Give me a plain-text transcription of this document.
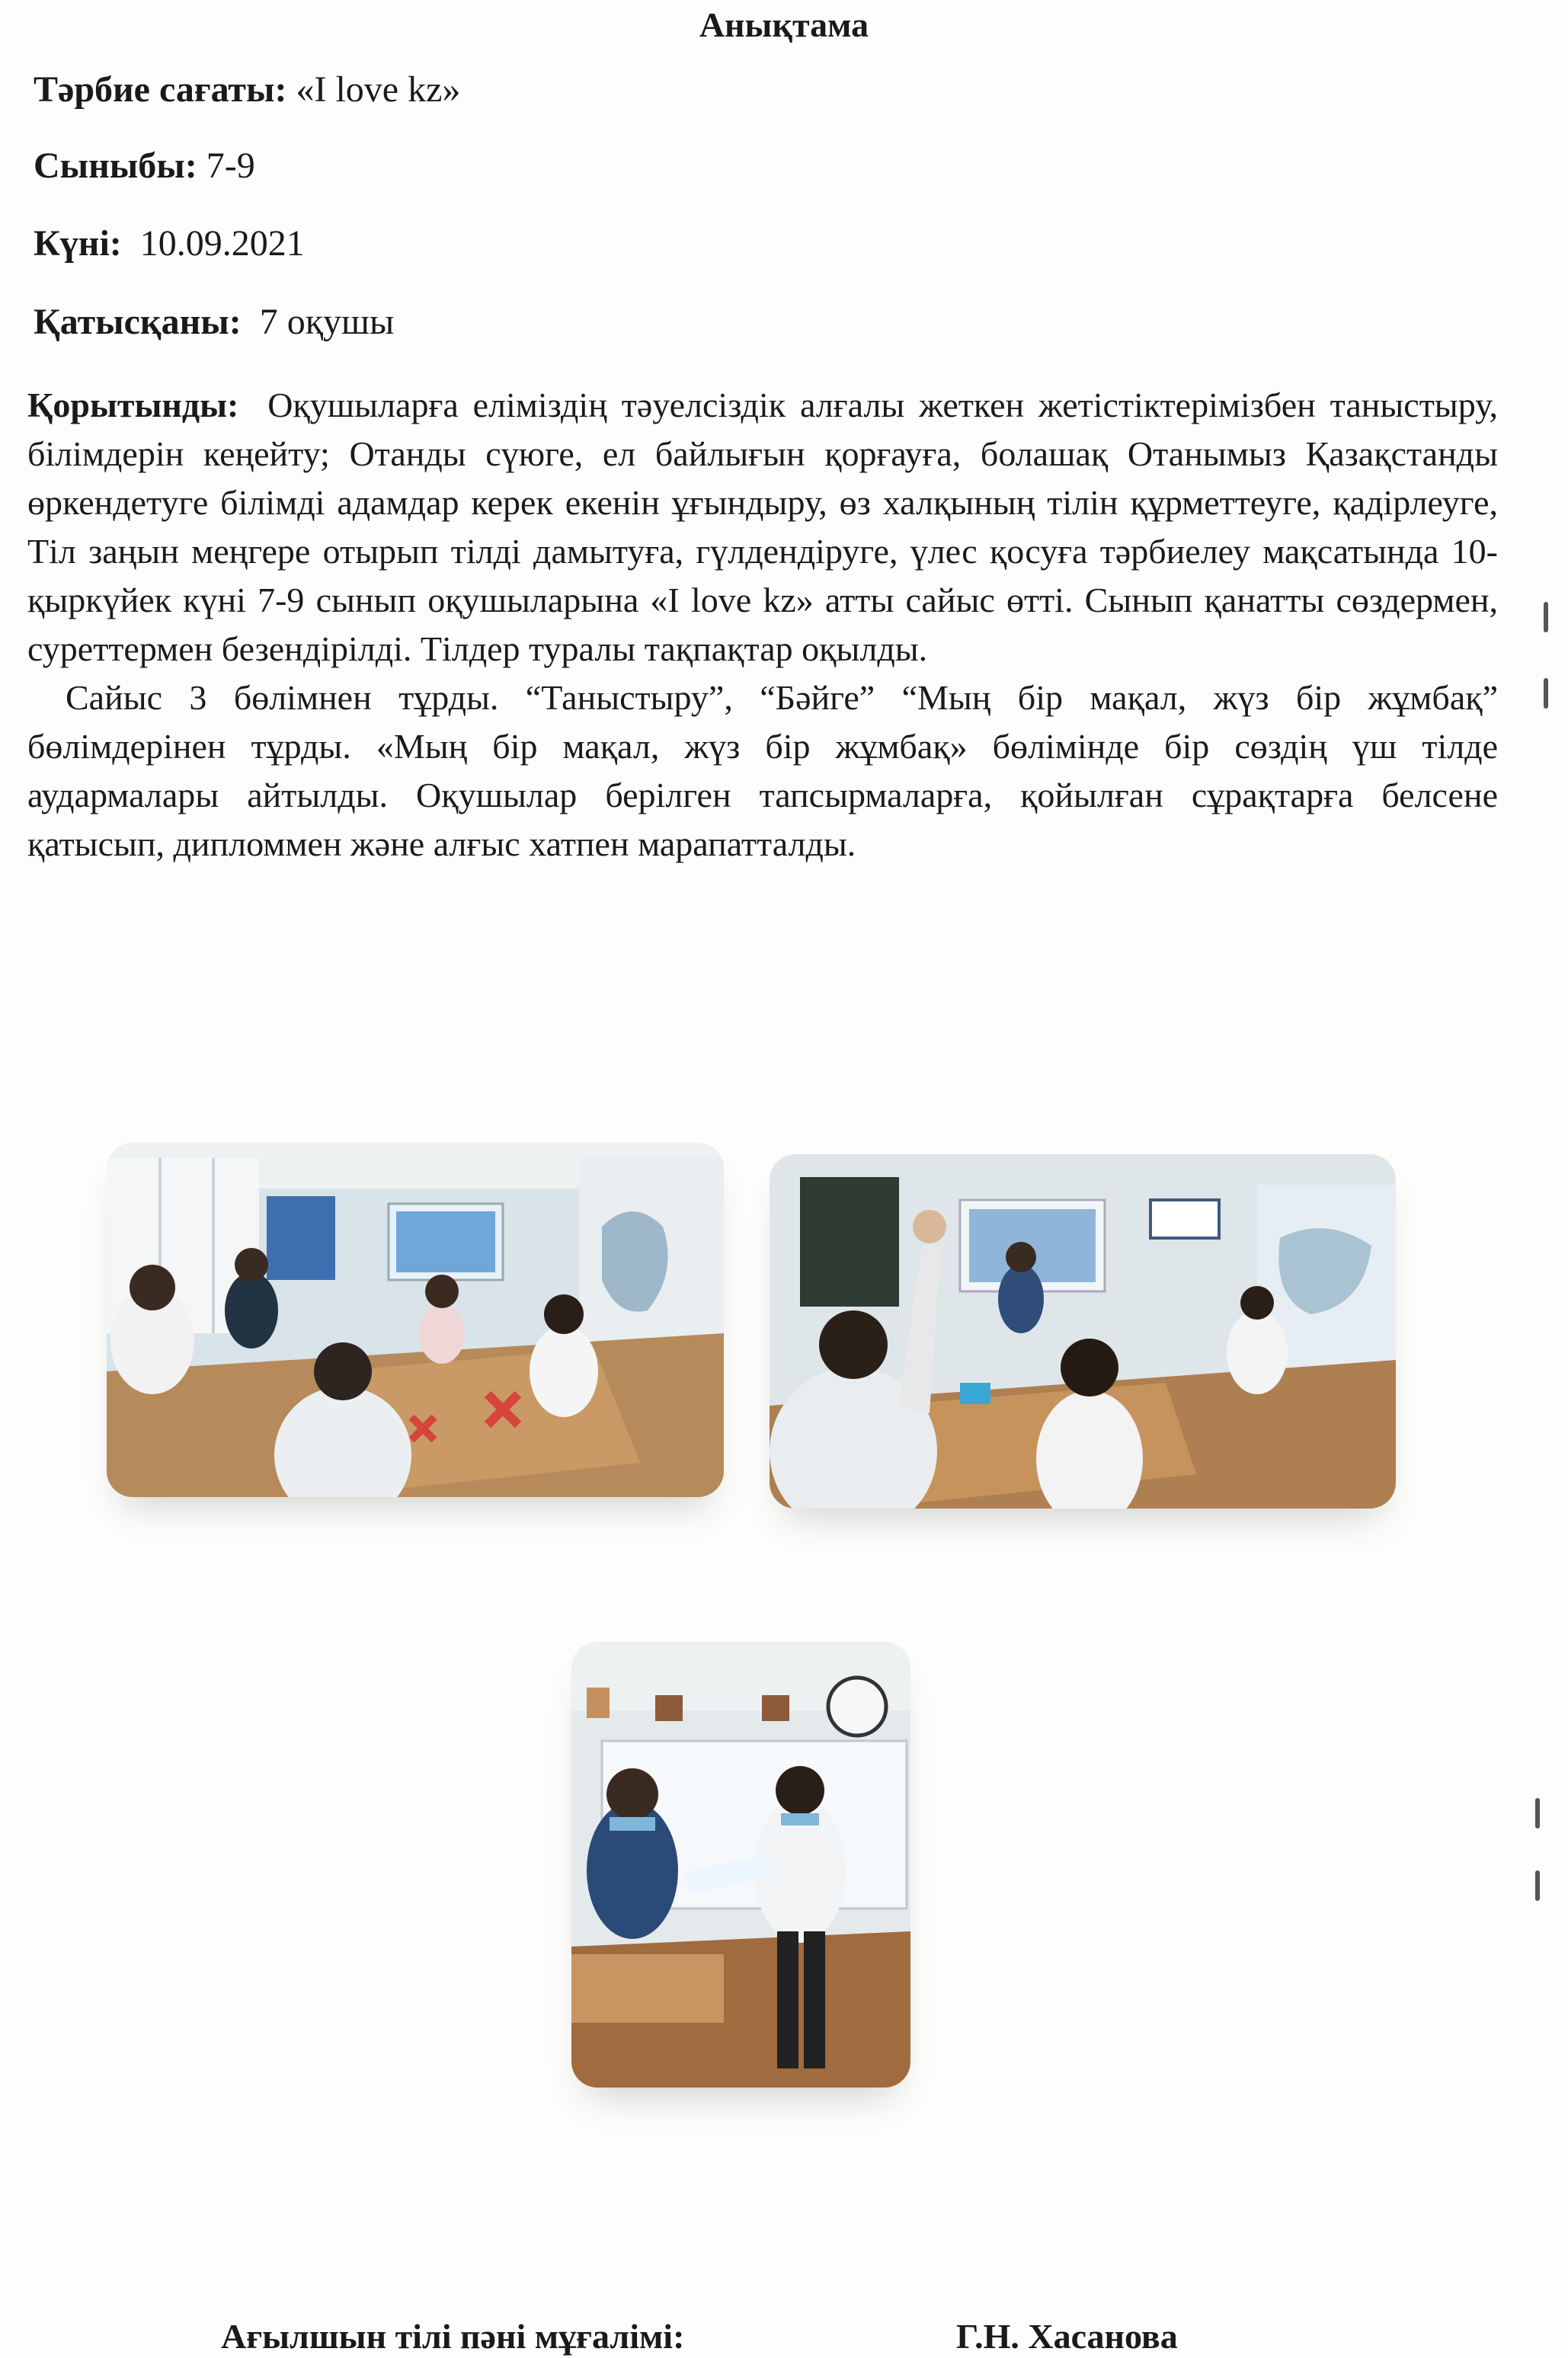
Анықтама
Тәрбие сағаты: «I love kz»
Сыныбы: 7-9
Күні: 10.09.2021
Қатысқаны: 7 оқушы

Қорытынды: Оқушыларға еліміздің тәуелсіздік алғалы жеткен жетістіктерімізбен таныстыру, білімдерін кеңейту; Отанды сүюге, ел байлығын қорғауға, болашақ Отанымыз Қазақстанды өркендетуге білімді адамдар керек екенін ұғындыру, өз халқының тілін құрметтеуге, қадірлеуге, Тіл заңын меңгере отырып тілді дамытуға, гүлдендіруге, үлес қосуға тәрбиелеу мақсатында 10- қыркүйек күні 7-9 сынып оқушыларына «I love kz» атты сайыс өтті. Сынып қанатты сөздермен, суреттермен безендірілді. Тілдер туралы тақпақтар оқылды.

Сайыс 3 бөлімнен тұрды. “Таныстыру”, “Бәйге” “Мың бір мақал, жүз бір жұмбақ” бөлімдерінен тұрды. «Мың бір мақал, жүз бір жұмбақ» бөлімінде бір сөздің үш тілде аудармалары айтылды. Оқушылар берілген тапсырмаларға, қойылған сұрақтарға белсене қатысып, дипломмен және алғыс хатпен марапатталды.

Ағылшын тілі пәні мұғалімі:	Г.Н. Хасанова
